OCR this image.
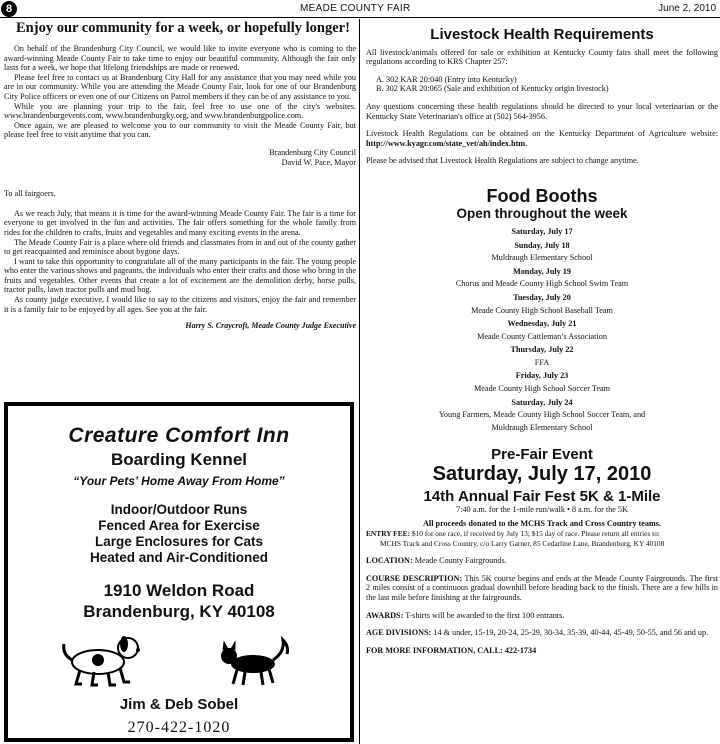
8	MEADE COUNTY FAIR	June 2, 2010
Enjoy our community for a week, or hopefully longer!

On behalf of the Brandenburg City Council, we would like to invite everyone who is coming to the award-winning Meade County Fair to take time to enjoy our beautiful community. Although the fair only lasts for a week, we hope that lifelong friendships are made or renewed.

Please feel free to contact us at Brandenburg City Hall for any assistance that you may need while you are in our community. While you are attending the Meade County Fair, look for one of our Brandenburg City Police officers or even one of our Citizens on Patrol members if they can be of any assistance to you.

While you are planning your trip to the fair, feel free to use one of the city's websites. www.brandenburgevents.com, www.brandenburgky.org, and www.brandenburgpolice.com.

Once again, we are pleased to welcome you to our community to visit the Meade County Fair, but please feel free to visit anytime that you can.

Brandenburg City Council
David W. Pace, Mayor

To all fairgoers,

As we reach July, that means it is time for the award-winning Meade County Fair. The fair is a time for everyone to get involved in the fun and activities. The fair offers something for the whole family from rides for the children to crafts, fruits and vegetables and many exciting events in the arena.

The Meade County Fair is a place where old friends and classmates from in and out of the county gather to get reacquainted and reminisce about bygone days.

I want to take this opportunity to congratulate all of the many participants in the fair. The young people who enter the various shows and pageants, the individuals who enter their crafts and those who bring in the fruits and vegetables. Other events that create a lot of excitement are the demolition derby, horse pulls, tractor pulls, lawn tractor pulls and mud bog.

As county judge executive, I would like to say to the citizens and visitors, enjoy the fair and remember it is a family fair to be enjoyed by all ages. See you at the fair.

Harry S. Craycroft, Meade County Judge Executive
Creature Comfort Inn
Boarding Kennel
“Your Pets’ Home Away From Home”
Indoor/Outdoor Runs
Fenced Area for Exercise
Large Enclosures for Cats
Heated and Air-Conditioned
1910 Weldon Road
Brandenburg, KY 40108
Jim & Deb Sobel
270-422-1020
Livestock Health Requirements

All livestock/animals offered for sale or exhibition at Kentucky County fairs shall meet the following regulations according to KRS Chapter 257:

A. 302 KAR 20:040 (Entry into Kentucky)
B. 302 KAR 20:065 (Sale and exhibition of Kentucky origin livestock)

Any questions concerning these health regulations should be directed to your local veterinarian or the Kentucky State Veterinarian's office at (502) 564-3956.

Livestock Health Regulations can be obtained on the Kentucky Department of Agriculture website: http://www.kyagr.com/state_vet/ah/index.htm.

Please be advised that Livestock Health Regulations are subject to change anytime.

Food Booths
Open throughout the week
Saturday, July 17
Sunday, July 18
Muldraugh Elementary School
Monday, July 19
Chorus and Meade County High School Swim Team
Tuesday, July 20
Meade County High School Baseball Team
Wednesday, July 21
Meade County Cattleman’s Association
Thursday, July 22
FFA
Friday, July 23
Meade County High School Soccer Team
Saturday, July 24
Young Farmers, Meade County High School Soccer Team, and
Muldraugh Elementary School
Pre-Fair Event
Saturday, July 17, 2010
14th Annual Fair Fest 5K & 1-Mile
7:40 a.m. for the 1-mile run/walk • 8 a.m. for the 5K
All proceeds donated to the MCHS Track and Cross Country teams.

ENTRY FEE: $10 for one race, if received by July 13; $15 day of race. Please return all entries to:

MCHS Track and Cross Country, c/o Larry Garner, 85 Cedarline Lane, Brandenburg, KY 40108

LOCATION: Meade County Fairgrounds.

COURSE DESCRIPTION: This 5K course begins and ends at the Meade County Fairgrounds. The first 2 miles consist of a continuous gradual downhill before heading back to the finish. There are a few hills in the last mile before finishing at the fairgrounds.

AWARDS: T-shirts will be awarded to the first 100 entrants.

AGE DIVISIONS: 14 & under, 15-19, 20-24, 25-29, 30-34, 35-39, 40-44, 45-49, 50-55, and 56 and up.

FOR MORE INFORMATION, CALL: 422-1734
